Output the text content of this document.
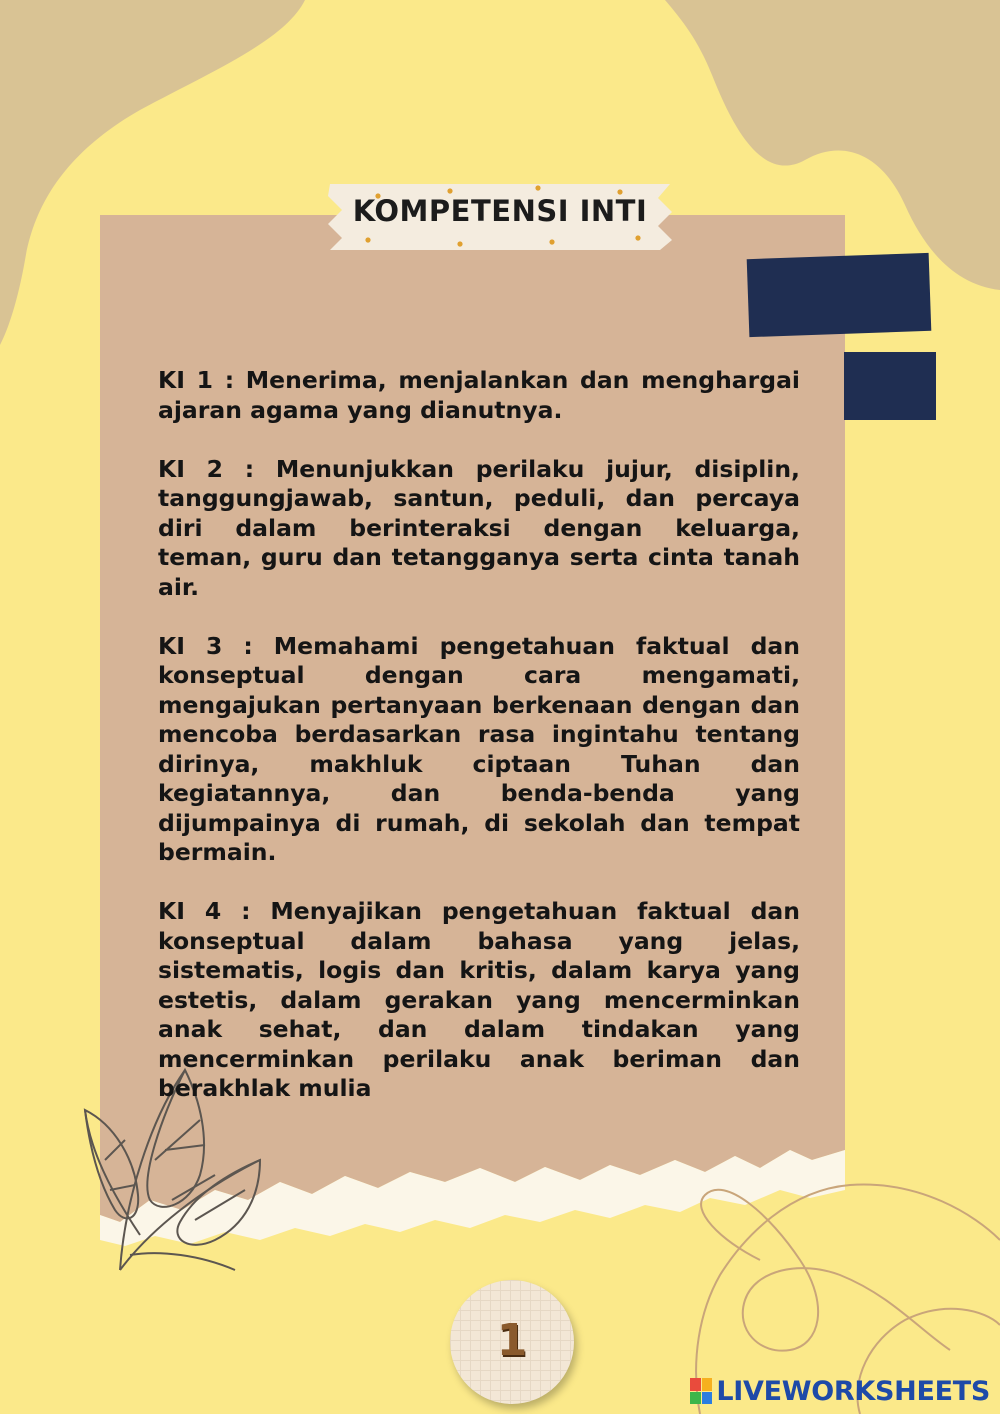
KOMPETENSI INTI

KI 1 : Menerima, menjalankan dan menghargai ajaran agama yang dianutnya.

KI 2 : Menunjukkan perilaku jujur, disiplin, tanggungjawab, santun, peduli, dan percaya diri dalam berinteraksi dengan keluarga, teman, guru dan tetangganya serta cinta tanah air.

KI 3 : Memahami pengetahuan faktual dan konseptual dengan cara mengamati, mengajukan pertanyaan berkenaan dengan dan mencoba berdasarkan rasa ingintahu tentang dirinya, makhluk ciptaan Tuhan dan kegiatannya, dan benda-benda yang dijumpainya di rumah, di sekolah dan tempat bermain.

KI 4 : Menyajikan pengetahuan faktual dan konseptual dalam bahasa yang jelas, sistematis, logis dan kritis, dalam karya yang estetis, dalam gerakan yang mencerminkan anak sehat, dan dalam tindakan yang mencerminkan perilaku anak beriman dan berakhlak mulia

1
LIVEWORKSHEETS
